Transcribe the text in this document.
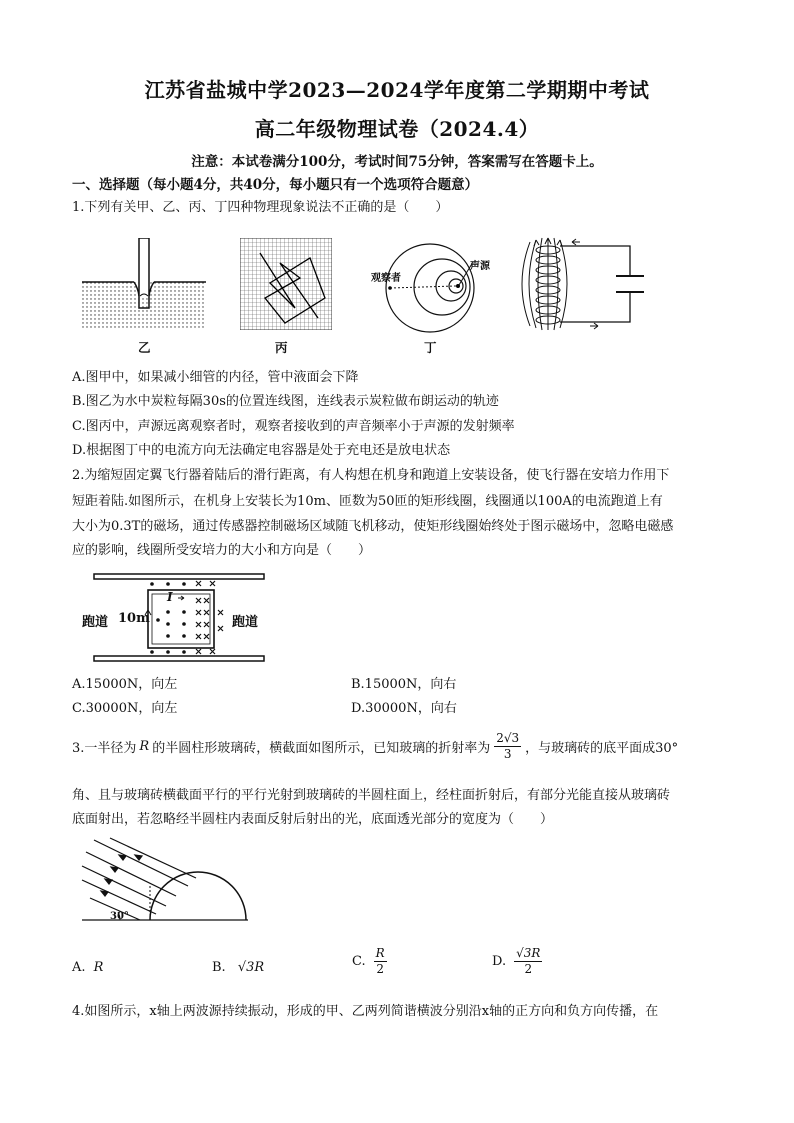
江苏省盐城中学2023—2024学年度第二学期期中考试
高二年级物理试卷（2024.4）
注意：本试卷满分100分，考试时间75分钟，答案需写在答题卡上。
一、选择题（每小题4分，共40分，每小题只有一个选项符合题意）
1.下列有关甲、乙、丙、丁四种物理现象说法不正确的是（　　）
乙	丙
观察者
声源
丁
A.图甲中，如果减小细管的内径，管中液面会下降
B.图乙为水中炭粒每隔30s的位置连线图，连线表示炭粒做布朗运动的轨迹
C.图丙中，声源远离观察者时，观察者接收到的声音频率小于声源的发射频率
D.根据图丁中的电流方向无法确定电容器是处于充电还是放电状态
2.为缩短固定翼飞行器着陆后的滑行距离，有人构想在机身和跑道上安装设备，使飞行器在安培力作用下
短距着陆.如图所示，在机身上安装长为10m、匝数为50匝的矩形线圈，线圈通以100A的电流跑道上有
大小为0.3T的磁场，通过传感器控制磁场区域随飞机移动，使矩形线圈始终处于图示磁场中，忽略电磁感
应的影响，线圈所受安培力的大小和方向是（　　）
跑道	跑道
10m
I
A.15000N，向左	B.15000N，向右
C.30000N，向左	D.30000N，向右
3.一半径为 R 的半圆柱形玻璃砖，横截面如图所示，已知玻璃的折射率为 $\frac{2√3}{3}$ ，与玻璃砖的底平面成30°
角、且与玻璃砖横截面平行的平行光射到玻璃砖的半圆柱面上，经柱面折射后，有部分光能直接从玻璃砖
底面射出，若忽略经半圆柱内表面反射后射出的光，底面透光部分的宽度为（　　）
30°
A. R	B. √3R	C. $\frac{R}{2}$	D. $\frac{√3R}{2}$
4.如图所示，x轴上两波源持续振动，形成的甲、乙两列简谐横波分别沿x轴的正方向和负方向传播，在
